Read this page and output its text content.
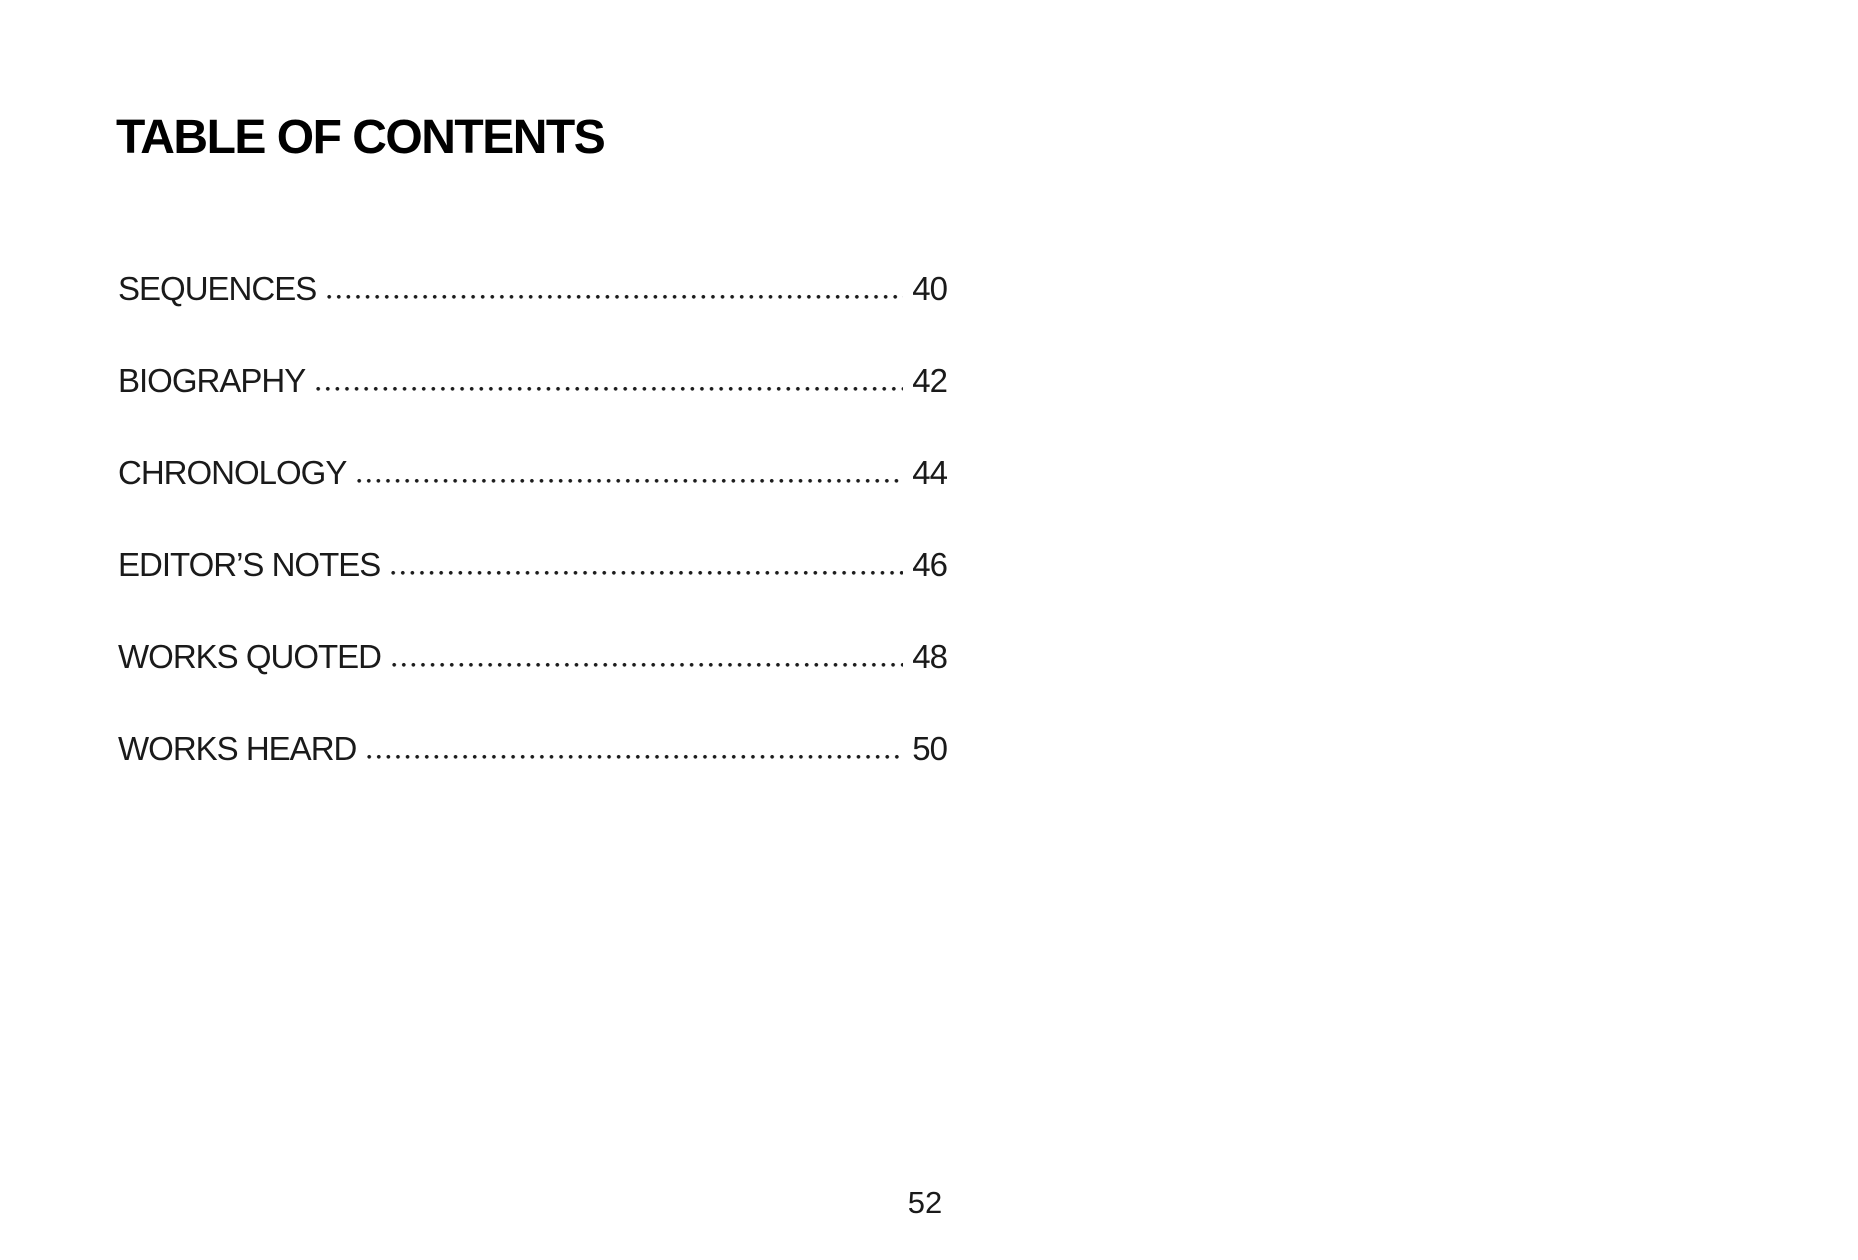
TABLE OF CONTENTS
SEQUENCES	40
BIOGRAPHY	42
CHRONOLOGY	44
EDITOR’S NOTES	46
WORKS QUOTED	48
WORKS HEARD	50
52
